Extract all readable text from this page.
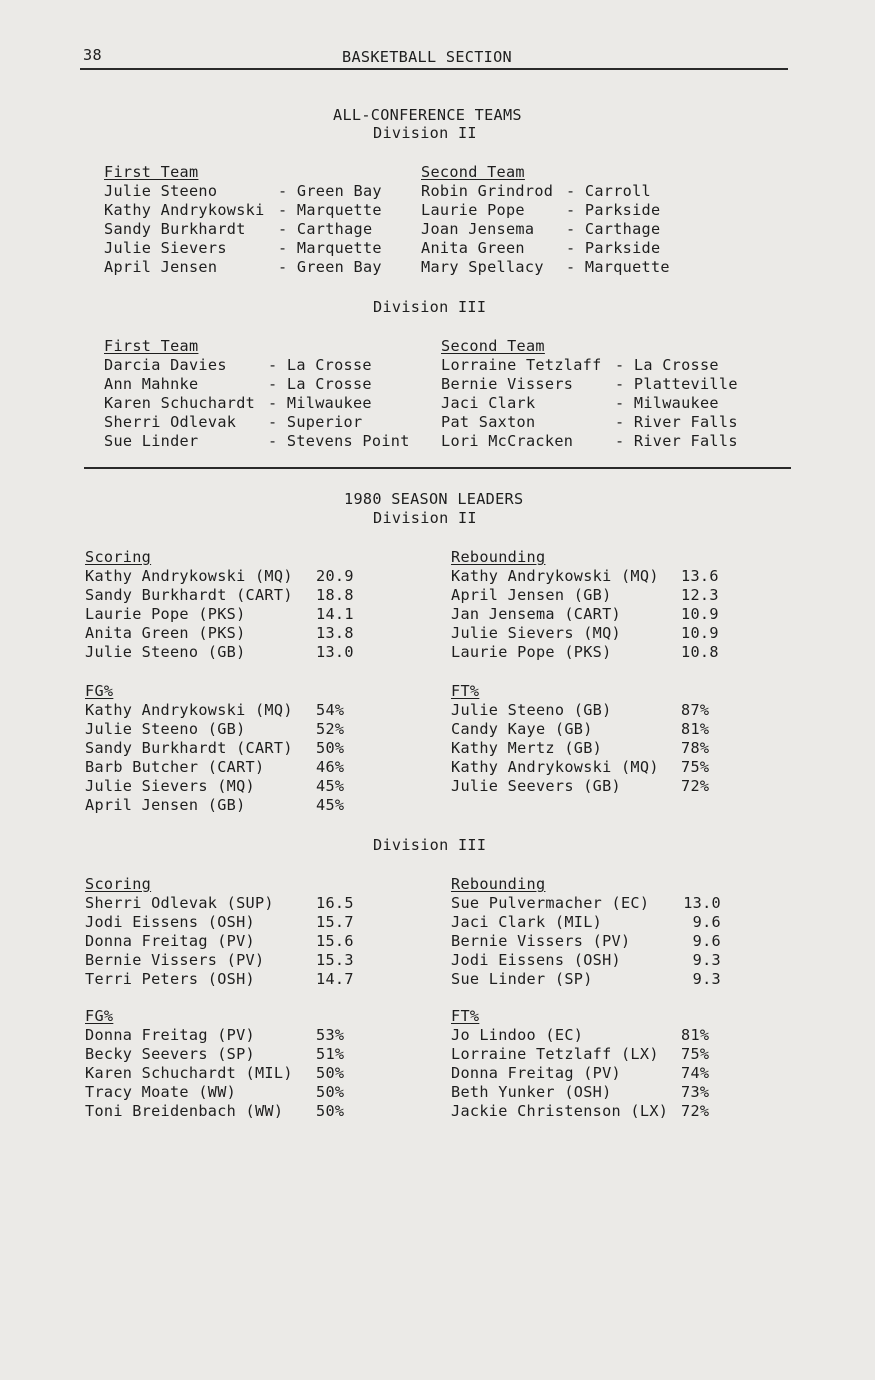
38	BASKETBALL SECTION
ALL-CONFERENCE TEAMS
Division II
First Team
Julie Steeno
Kathy Andrykowski
Sandy Burkhardt
Julie Sievers
April Jensen
- Green Bay
- Marquette
- Carthage
- Marquette
- Green Bay
Second Team
Robin Grindrod
Laurie Pope
Joan Jensema
Anita Green
Mary Spellacy
- Carroll
- Parkside
- Carthage
- Parkside
- Marquette
Division III
First Team
Darcia Davies
Ann Mahnke
Karen Schuchardt
Sherri Odlevak
Sue Linder
- La Crosse
- La Crosse
- Milwaukee
- Superior
- Stevens Point
Second Team
Lorraine Tetzlaff
Bernie Vissers
Jaci Clark
Pat Saxton
Lori McCracken
- La Crosse
- Platteville
- Milwaukee
- River Falls
- River Falls
1980 SEASON LEADERS
Division II
Scoring
Kathy Andrykowski (MQ)
Sandy Burkhardt (CART)
Laurie Pope (PKS)
Anita Green (PKS)
Julie Steeno (GB)
20.9
18.8
14.1
13.8
13.0
Rebounding
Kathy Andrykowski (MQ)
April Jensen (GB)
Jan Jensema (CART)
Julie Sievers (MQ)
Laurie Pope (PKS)
13.6
12.3
10.9
10.9
10.8
FG%
Kathy Andrykowski (MQ)
Julie Steeno (GB)
Sandy Burkhardt (CART)
Barb Butcher (CART)
Julie Sievers (MQ)
April Jensen (GB)
54%
52%
50%
46%
45%
45%
FT%
Julie Steeno (GB)
Candy Kaye (GB)
Kathy Mertz (GB)
Kathy Andrykowski (MQ)
Julie Seevers (GB)
87%
81%
78%
75%
72%
Division III
Scoring
Sherri Odlevak (SUP)
Jodi Eissens (OSH)
Donna Freitag (PV)
Bernie Vissers (PV)
Terri Peters (OSH)
16.5
15.7
15.6
15.3
14.7
Rebounding
Sue Pulvermacher (EC)
Jaci Clark (MIL)
Bernie Vissers (PV)
Jodi Eissens (OSH)
Sue Linder (SP)
13.0
9.6
9.6
9.3
9.3
FG%
Donna Freitag (PV)
Becky Seevers (SP)
Karen Schuchardt (MIL)
Tracy Moate (WW)
Toni Breidenbach (WW)
53%
51%
50%
50%
50%
FT%
Jo Lindoo (EC)
Lorraine Tetzlaff (LX)
Donna Freitag (PV)
Beth Yunker (OSH)
Jackie Christenson (LX)
81%
75%
74%
73%
72%
